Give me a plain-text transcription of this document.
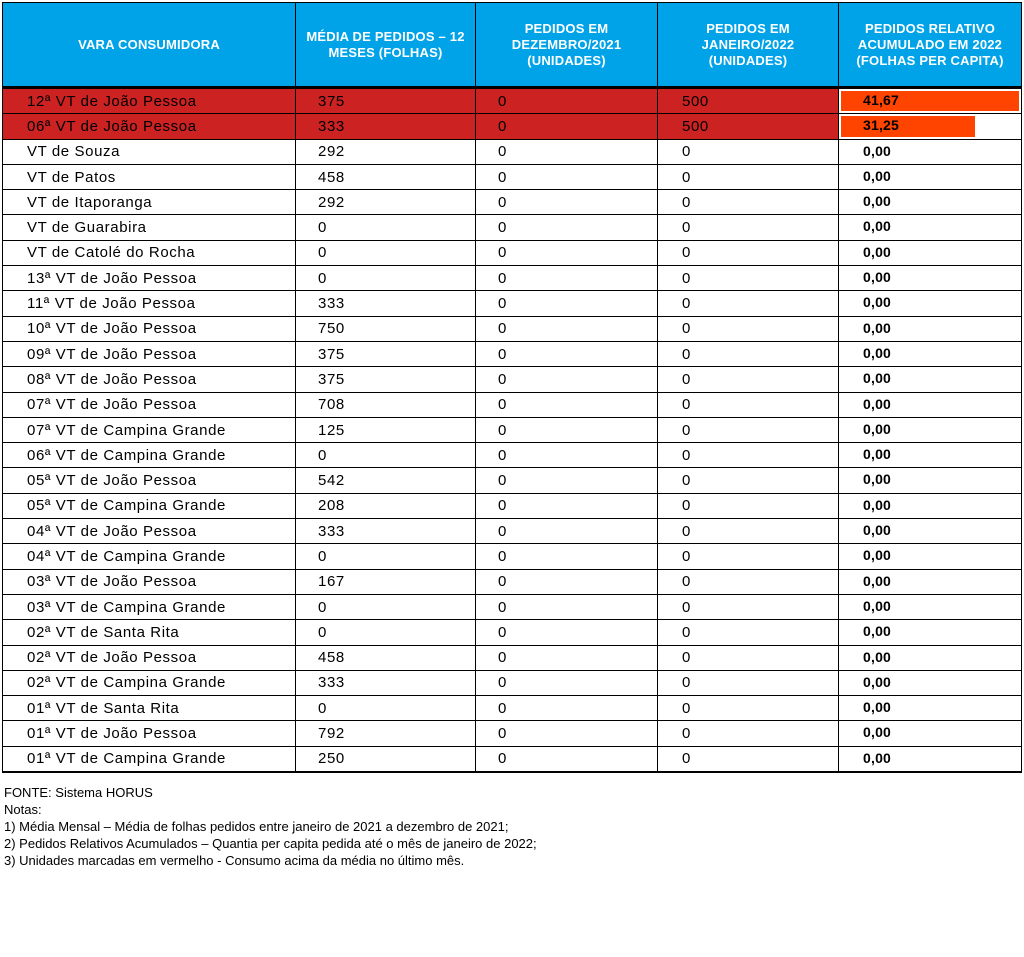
VARA CONSUMIDORA	MÉDIA DE PEDIDOS – 12 MESES (FOLHAS)	PEDIDOS EM DEZEMBRO/2021 (UNIDADES)	PEDIDOS EM JANEIRO/2022 (UNIDADES)	PEDIDOS RELATIVO ACUMULADO EM 2022 (FOLHAS PER CAPITA)
12ª VT de João Pessoa	375	0	500	41,67

06ª VT de João Pessoa	333	0	500	31,25

VT de Souza	292	0	0	0,00

VT de Patos	458	0	0	0,00

VT de Itaporanga	292	0	0	0,00

VT de Guarabira	0	0	0	0,00

VT de Catolé do Rocha	0	0	0	0,00

13ª VT de João Pessoa	0	0	0	0,00

11ª VT de João Pessoa	333	0	0	0,00

10ª VT de João Pessoa	750	0	0	0,00

09ª VT de João Pessoa	375	0	0	0,00

08ª VT de João Pessoa	375	0	0	0,00

07ª VT de João Pessoa	708	0	0	0,00

07ª VT de Campina Grande	125	0	0	0,00

06ª VT de Campina Grande	0	0	0	0,00

05ª VT de João Pessoa	542	0	0	0,00

05ª VT de Campina Grande	208	0	0	0,00

04ª VT de João Pessoa	333	0	0	0,00

04ª VT de Campina Grande	0	0	0	0,00

03ª VT de João Pessoa	167	0	0	0,00

03ª VT de Campina Grande	0	0	0	0,00

02ª VT de Santa Rita	0	0	0	0,00

02ª VT de João Pessoa	458	0	0	0,00

02ª VT de Campina Grande	333	0	0	0,00

01ª VT de Santa Rita	0	0	0	0,00

01ª VT de João Pessoa	792	0	0	0,00

01ª VT de Campina Grande	250	0	0	0,00
FONTE: Sistema HORUS
Notas:
1) Média Mensal – Média de folhas pedidos entre janeiro de 2021 a dezembro de 2021;
2) Pedidos Relativos Acumulados – Quantia per capita pedida até o mês de janeiro de 2022;
3) Unidades marcadas em vermelho - Consumo acima da média no último mês.
